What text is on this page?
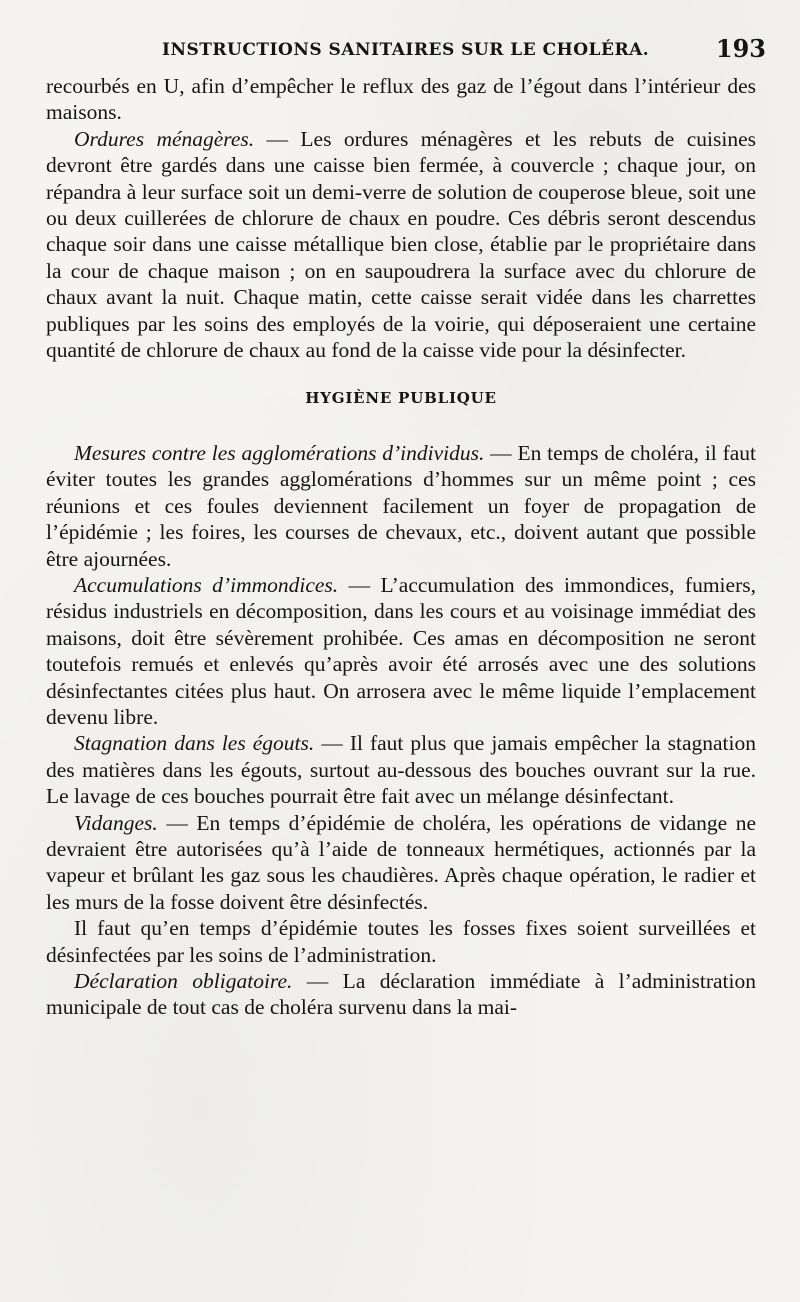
INSTRUCTIONS SANITAIRES SUR LE CHOLÉRA.	193

recourbés en U, afin d’empêcher le reflux des gaz de l’égout dans l’intérieur des maisons.

Ordures ménagères. — Les ordures ménagères et les rebuts de cuisines devront être gardés dans une caisse bien fermée, à couvercle ; chaque jour, on répandra à leur surface soit un demi-verre de solution de couperose bleue, soit une ou deux cuillerées de chlorure de chaux en poudre. Ces débris seront descendus chaque soir dans une caisse métallique bien close, établie par le propriétaire dans la cour de chaque maison ; on en saupoudrera la surface avec du chlorure de chaux avant la nuit. Chaque matin, cette caisse serait vidée dans les charrettes publiques par les soins des employés de la voirie, qui déposeraient une certaine quantité de chlorure de chaux au fond de la caisse vide pour la désinfecter.

HYGIÈNE PUBLIQUE

Mesures contre les agglomérations d’individus. — En temps de choléra, il faut éviter toutes les grandes agglomérations d’hommes sur un même point ; ces réunions et ces foules deviennent facilement un foyer de propagation de l’épidémie ; les foires, les courses de chevaux, etc., doivent autant que possible être ajournées.

Accumulations d’immondices. — L’accumulation des immondices, fumiers, résidus industriels en décomposition, dans les cours et au voisinage immédiat des maisons, doit être sévèrement prohibée. Ces amas en décomposition ne seront toutefois remués et enlevés qu’après avoir été arrosés avec une des solutions désinfectantes citées plus haut. On arrosera avec le même liquide l’emplacement devenu libre.

Stagnation dans les égouts. — Il faut plus que jamais empêcher la stagnation des matières dans les égouts, surtout au-dessous des bouches ouvrant sur la rue. Le lavage de ces bouches pourrait être fait avec un mélange désinfectant.

Vidanges. — En temps d’épidémie de choléra, les opérations de vidange ne devraient être autorisées qu’à l’aide de tonneaux hermétiques, actionnés par la vapeur et brûlant les gaz sous les chaudières. Après chaque opération, le radier et les murs de la fosse doivent être désinfectés.

Il faut qu’en temps d’épidémie toutes les fosses fixes soient surveillées et désinfectées par les soins de l’administration.

Déclaration obligatoire. — La déclaration immédiate à l’administration municipale de tout cas de choléra survenu dans la mai-
